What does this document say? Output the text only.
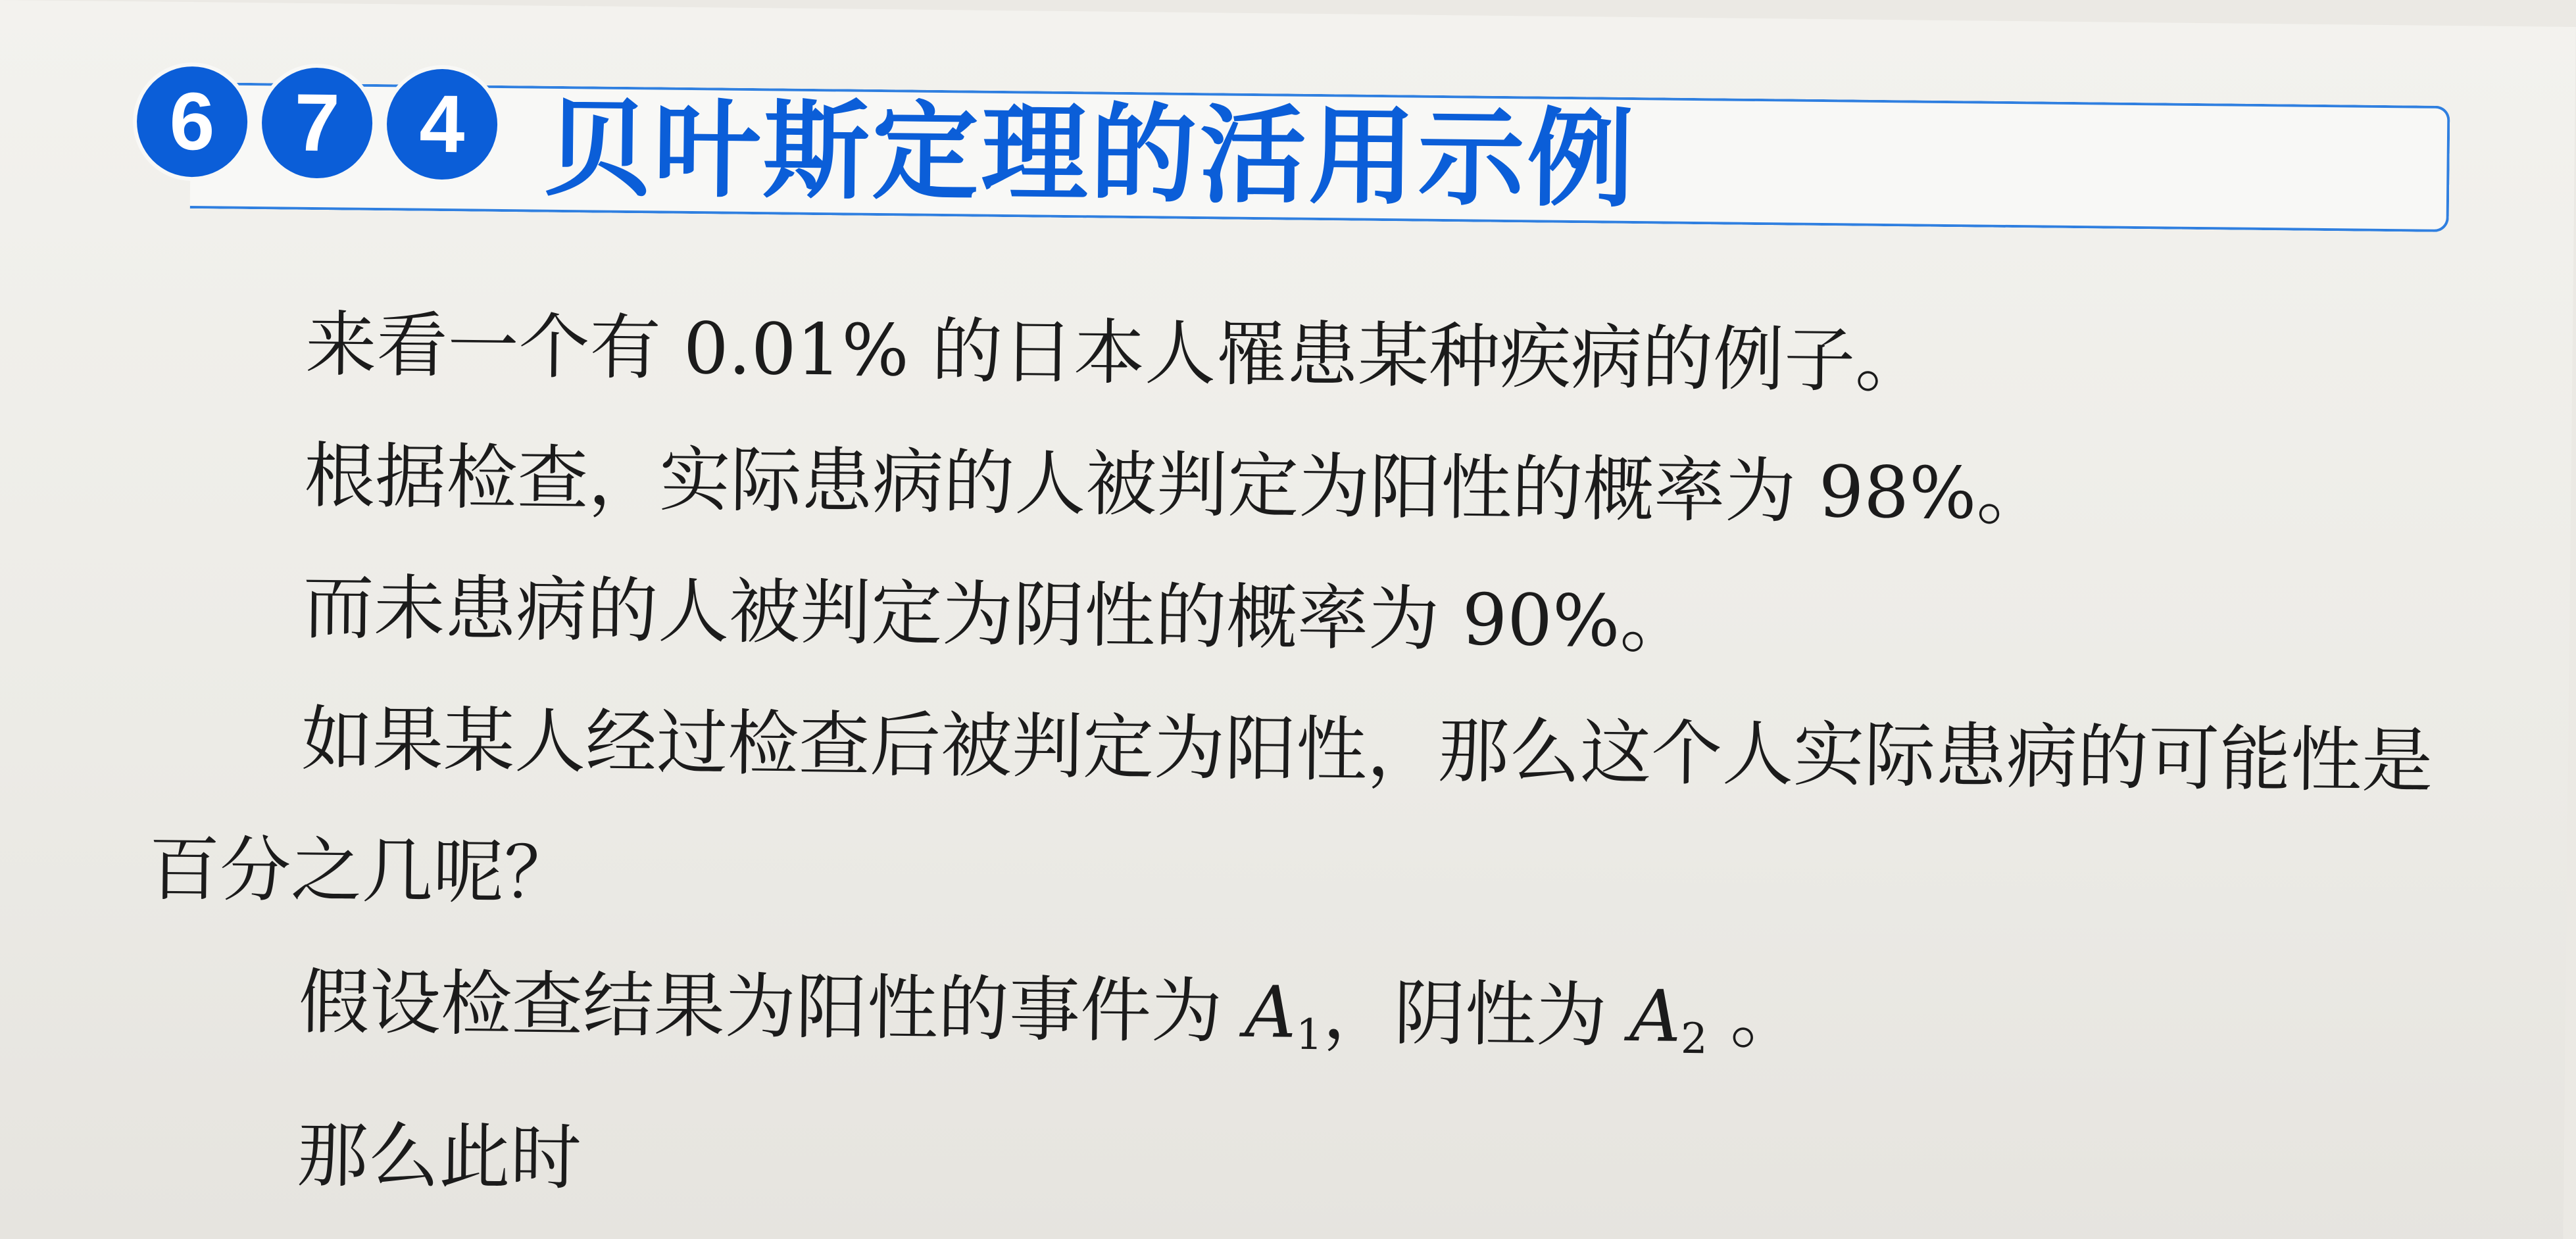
6 7 4 贝叶斯定理的活用示例

来看一个有 0.01% 的日本人罹患某种疾病的例子。

根据检查，实际患病的人被判定为阳性的概率为 98%。

而未患病的人被判定为阴性的概率为 90%。

如果某人经过检查后被判定为阳性，那么这个人实际患病的可能性是百分之几呢？

假设检查结果为阳性的事件为 $A_1$，阴性为 $A_2$ 。

那么此时
